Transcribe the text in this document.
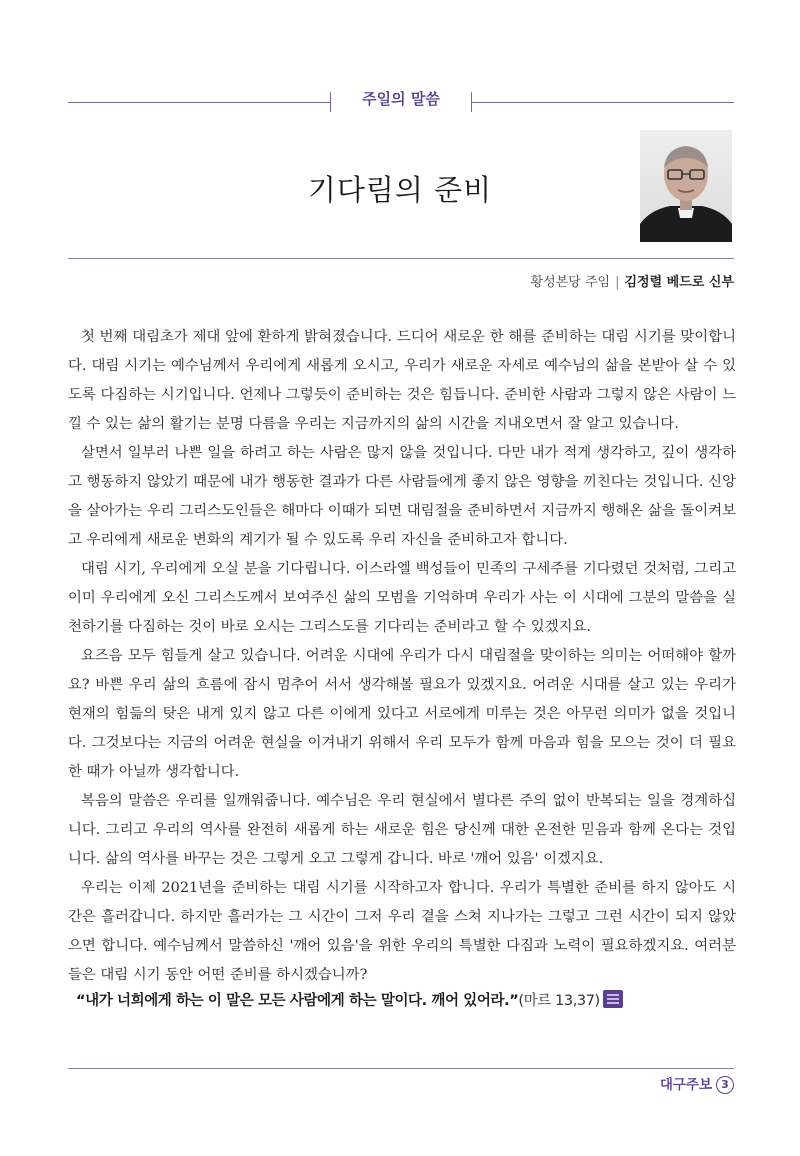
주일의 말씀
기다림의 준비
황성본당 주임 | 김정렬 베드로 신부

첫 번째 대림초가 제대 앞에 환하게 밝혀졌습니다. 드디어 새로운 한 해를 준비하는 대림 시기를 맞이합니다. 대림 시기는 예수님께서 우리에게 새롭게 오시고, 우리가 새로운 자세로 예수님의 삶을 본받아 살 수 있도록 다짐하는 시기입니다. 언제나 그렇듯이 준비하는 것은 힘듭니다. 준비한 사람과 그렇지 않은 사람이 느낄 수 있는 삶의 활기는 분명 다름을 우리는 지금까지의 삶의 시간을 지내오면서 잘 알고 있습니다.

살면서 일부러 나쁜 일을 하려고 하는 사람은 많지 않을 것입니다. 다만 내가 적게 생각하고, 깊이 생각하고 행동하지 않았기 때문에 내가 행동한 결과가 다른 사람들에게 좋지 않은 영향을 끼친다는 것입니다. 신앙을 살아가는 우리 그리스도인들은 해마다 이때가 되면 대림절을 준비하면서 지금까지 행해온 삶을 돌이켜보고 우리에게 새로운 변화의 계기가 될 수 있도록 우리 자신을 준비하고자 합니다.

대림 시기, 우리에게 오실 분을 기다립니다. 이스라엘 백성들이 민족의 구세주를 기다렸던 것처럼, 그리고 이미 우리에게 오신 그리스도께서 보여주신 삶의 모범을 기억하며 우리가 사는 이 시대에 그분의 말씀을 실천하기를 다짐하는 것이 바로 오시는 그리스도를 기다리는 준비라고 할 수 있겠지요.

요즈음 모두 힘들게 살고 있습니다. 어려운 시대에 우리가 다시 대림절을 맞이하는 의미는 어떠해야 할까요? 바쁜 우리 삶의 흐름에 잠시 멈추어 서서 생각해볼 필요가 있겠지요. 어려운 시대를 살고 있는 우리가 현재의 힘듦의 탓은 내게 있지 않고 다른 이에게 있다고 서로에게 미루는 것은 아무런 의미가 없을 것입니다. 그것보다는 지금의 어려운 현실을 이겨내기 위해서 우리 모두가 함께 마음과 힘을 모으는 것이 더 필요한 때가 아닐까 생각합니다.

복음의 말씀은 우리를 일깨워줍니다. 예수님은 우리 현실에서 별다른 주의 없이 반복되는 일을 경계하십니다. 그리고 우리의 역사를 완전히 새롭게 하는 새로운 힘은 당신께 대한 온전한 믿음과 함께 온다는 것입니다. 삶의 역사를 바꾸는 것은 그렇게 오고 그렇게 갑니다. 바로 '깨어 있음' 이겠지요.

우리는 이제 2021년을 준비하는 대림 시기를 시작하고자 합니다. 우리가 특별한 준비를 하지 않아도 시간은 흘러갑니다. 하지만 흘러가는 그 시간이 그저 우리 곁을 스쳐 지나가는 그렇고 그런 시간이 되지 않았으면 합니다. 예수님께서 말씀하신 '깨어 있음'을 위한 우리의 특별한 다짐과 노력이 필요하겠지요. 여러분들은 대림 시기 동안 어떤 준비를 하시겠습니까?

“내가 너희에게 하는 이 말은 모든 사람에게 하는 말이다. 깨어 있어라.”(마르 13,37)
대구주보 3
